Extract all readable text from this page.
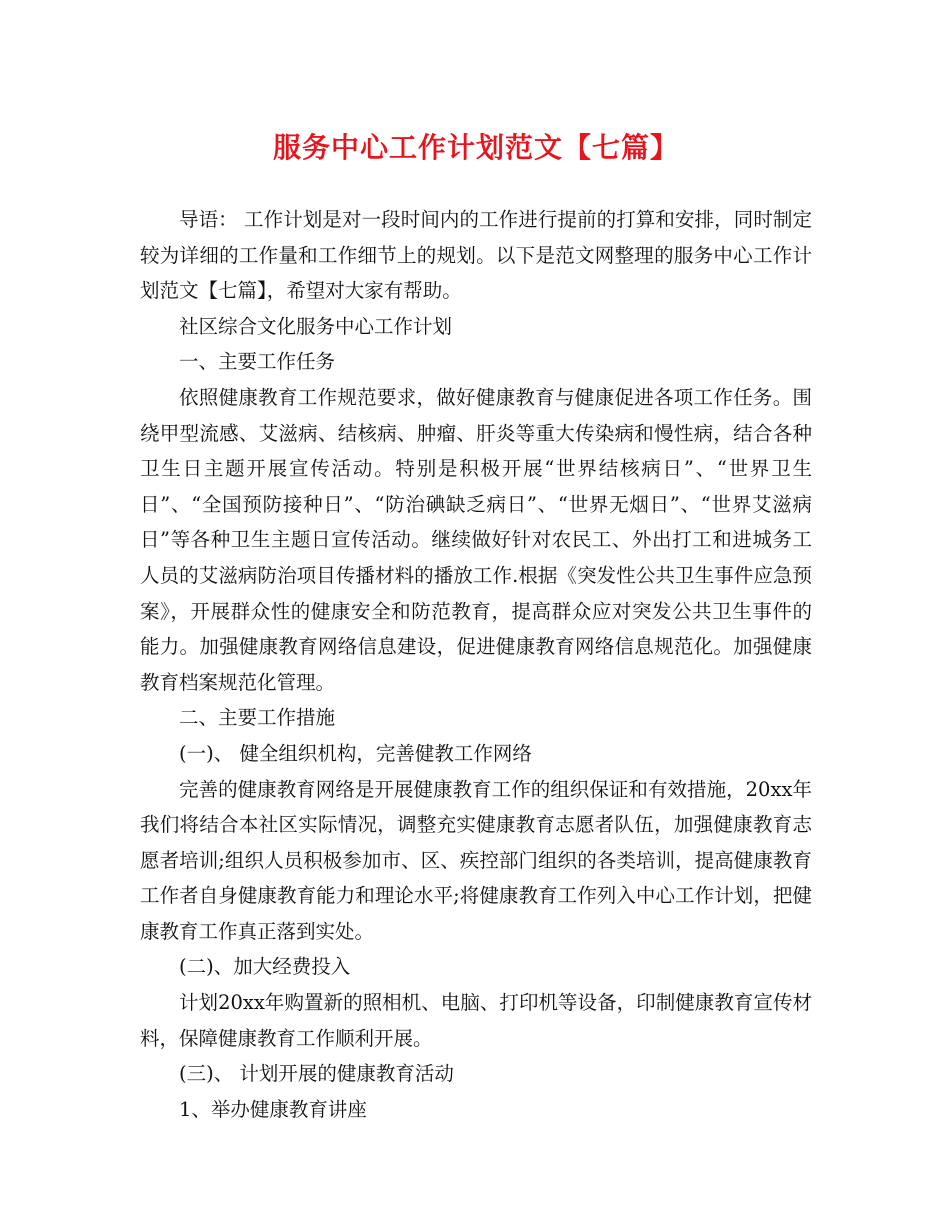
服务中心工作计划范文【七篇】

导语： 工作计划是对一段时间内的工作进行提前的打算和安排，同时制定较为详细的工作量和工作细节上的规划。以下是范文网整理的服务中心工作计划范文【七篇】，希望对大家有帮助。

社区综合文化服务中心工作计划

一、主要工作任务

依照健康教育工作规范要求，做好健康教育与健康促进各项工作任务。围绕甲型流感、艾滋病、结核病、肿瘤、肝炎等重大传染病和慢性病，结合各种卫生日主题开展宣传活动。特别是积极开展“世界结核病日”、“世界卫生日”、“全国预防接种日”、“防治碘缺乏病日”、“世界无烟日”、“世界艾滋病日”等各种卫生主题日宣传活动。继续做好针对农民工、外出打工和进城务工人员的艾滋病防治项目传播材料的播放工作.根据《突发性公共卫生事件应急预案》，开展群众性的健康安全和防范教育，提高群众应对突发公共卫生事件的能力。加强健康教育网络信息建设，促进健康教育网络信息规范化。加强健康教育档案规范化管理。

二、主要工作措施

(一)、 健全组织机构，完善健教工作网络

完善的健康教育网络是开展健康教育工作的组织保证和有效措施，20xx年我们将结合本社区实际情况，调整充实健康教育志愿者队伍，加强健康教育志愿者培训;组织人员积极参加市、区、疾控部门组织的各类培训，提高健康教育工作者自身健康教育能力和理论水平;将健康教育工作列入中心工作计划，把健康教育工作真正落到实处。

(二)、加大经费投入

计划20xx年购置新的照相机、电脑、打印机等设备，印制健康教育宣传材料，保障健康教育工作顺利开展。

(三)、 计划开展的健康教育活动

1、举办健康教育讲座
